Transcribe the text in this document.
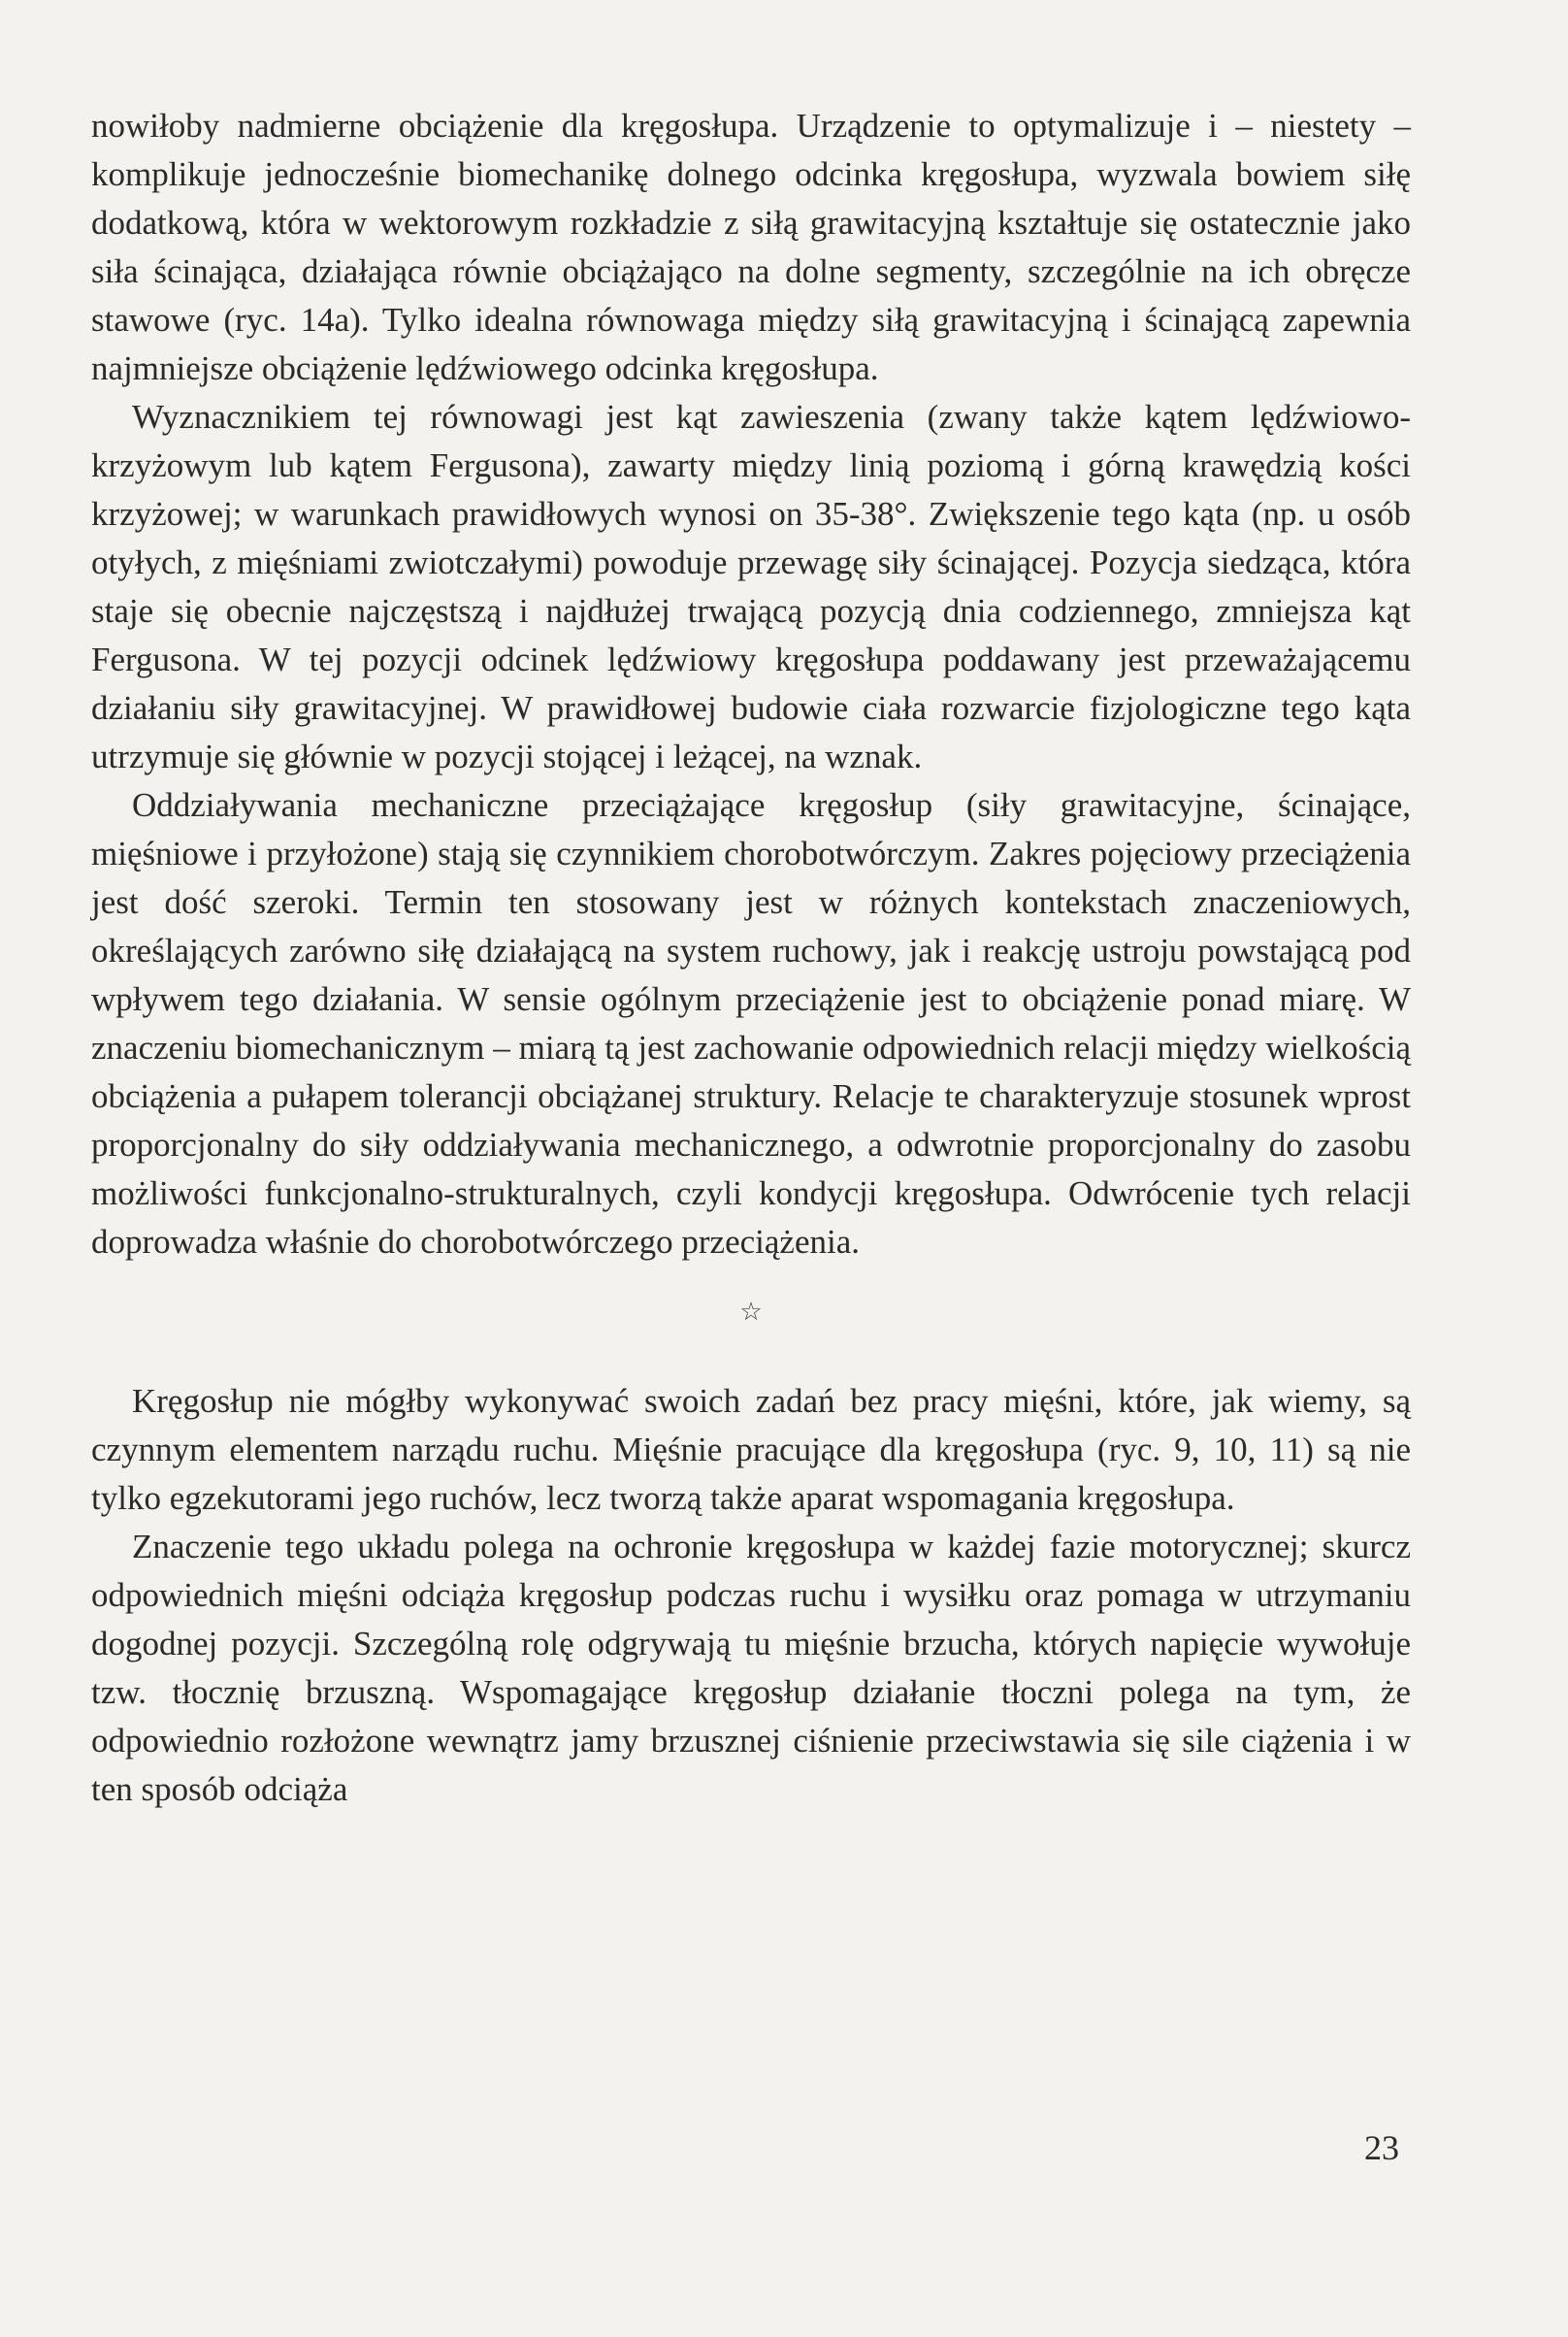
nowiłoby nadmierne obciążenie dla kręgosłupa. Urządzenie to optymalizuje i – niestety – komplikuje jednocześnie biomechanikę dolnego odcinka kręgosłupa, wyzwala bowiem siłę dodatkową, która w wektorowym rozkładzie z siłą grawitacyjną kształtuje się ostatecznie jako siła ścinająca, działająca równie obciążająco na dolne segmenty, szczególnie na ich obręcze stawowe (ryc. 14a). Tylko idealna równowaga między siłą grawitacyjną i ścinającą zapewnia najmniejsze obciążenie lędźwiowego odcinka kręgosłupa.

Wyznacznikiem tej równowagi jest kąt zawieszenia (zwany także kątem lędźwiowo-krzyżowym lub kątem Fergusona), zawarty między linią poziomą i górną krawędzią kości krzyżowej; w warunkach prawidłowych wynosi on 35-38°. Zwiększenie tego kąta (np. u osób otyłych, z mięśniami zwiotczałymi) powoduje przewagę siły ścinającej. Pozycja siedząca, która staje się obecnie najczęstszą i najdłużej trwającą pozycją dnia codziennego, zmniejsza kąt Fergusona. W tej pozycji odcinek lędźwiowy kręgosłupa poddawany jest przeważającemu działaniu siły grawitacyjnej. W prawidłowej budowie ciała rozwarcie fizjologiczne tego kąta utrzymuje się głównie w pozycji stojącej i leżącej, na wznak.

Oddziaływania mechaniczne przeciążające kręgosłup (siły grawitacyjne, ścinające, mięśniowe i przyłożone) stają się czynnikiem chorobotwórczym. Zakres pojęciowy przeciążenia jest dość szeroki. Termin ten stosowany jest w różnych kontekstach znaczeniowych, określających zarówno siłę działającą na system ruchowy, jak i reakcję ustroju powstającą pod wpływem tego działania. W sensie ogólnym przeciążenie jest to obciążenie ponad miarę. W znaczeniu biomechanicznym – miarą tą jest zachowanie odpowiednich relacji między wielkością obciążenia a pułapem tolerancji obciążanej struktury. Relacje te charakteryzuje stosunek wprost proporcjonalny do siły oddziaływania mechanicznego, a odwrotnie proporcjonalny do zasobu możliwości funkcjonalno-strukturalnych, czyli kondycji kręgosłupa. Odwrócenie tych relacji doprowadza właśnie do chorobotwórczego przeciążenia.

☆

Kręgosłup nie mógłby wykonywać swoich zadań bez pracy mięśni, które, jak wiemy, są czynnym elementem narządu ruchu. Mięśnie pracujące dla kręgosłupa (ryc. 9, 10, 11) są nie tylko egzekutorami jego ruchów, lecz tworzą także aparat wspomagania kręgosłupa.

Znaczenie tego układu polega na ochronie kręgosłupa w każdej fazie motorycznej; skurcz odpowiednich mięśni odciąża kręgosłup podczas ruchu i wysiłku oraz pomaga w utrzymaniu dogodnej pozycji. Szczególną rolę odgrywają tu mięśnie brzucha, których napięcie wywołuje tzw. tłocznię brzuszną. Wspomagające kręgosłup działanie tłoczni polega na tym, że odpowiednio rozłożone wewnątrz jamy brzusznej ciśnienie przeciwstawia się sile ciążenia i w ten sposób odciąża

23
